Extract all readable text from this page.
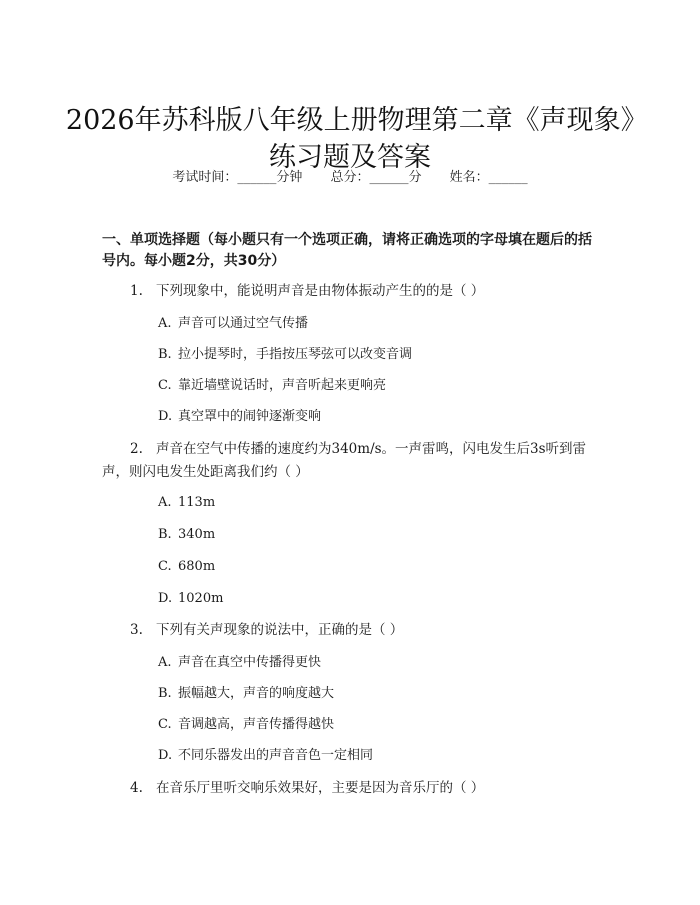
2026年苏科版八年级上册物理第二章《声现象》练习题及答案
考试时间：______分钟 总分：______分 姓名：______
一、单项选择题（每小题只有一个选项正确，请将正确选项的字母填在题后的括号内。每小题2分，共30分）
1. 下列现象中，能说明声音是由物体振动产生的的是（ ）
A. 声音可以通过空气传播
B. 拉小提琴时，手指按压琴弦可以改变音调
C. 靠近墙壁说话时，声音听起来更响亮
D. 真空罩中的闹钟逐渐变响
2. 声音在空气中传播的速度约为340m/s。一声雷鸣，闪电发生后3s听到雷
声，则闪电发生处距离我们约（ ）
A. 113m
B. 340m
C. 680m
D. 1020m
3. 下列有关声现象的说法中，正确的是（ ）
A. 声音在真空中传播得更快
B. 振幅越大，声音的响度越大
C. 音调越高，声音传播得越快
D. 不同乐器发出的声音音色一定相同
4. 在音乐厅里听交响乐效果好，主要是因为音乐厅的（ ）
